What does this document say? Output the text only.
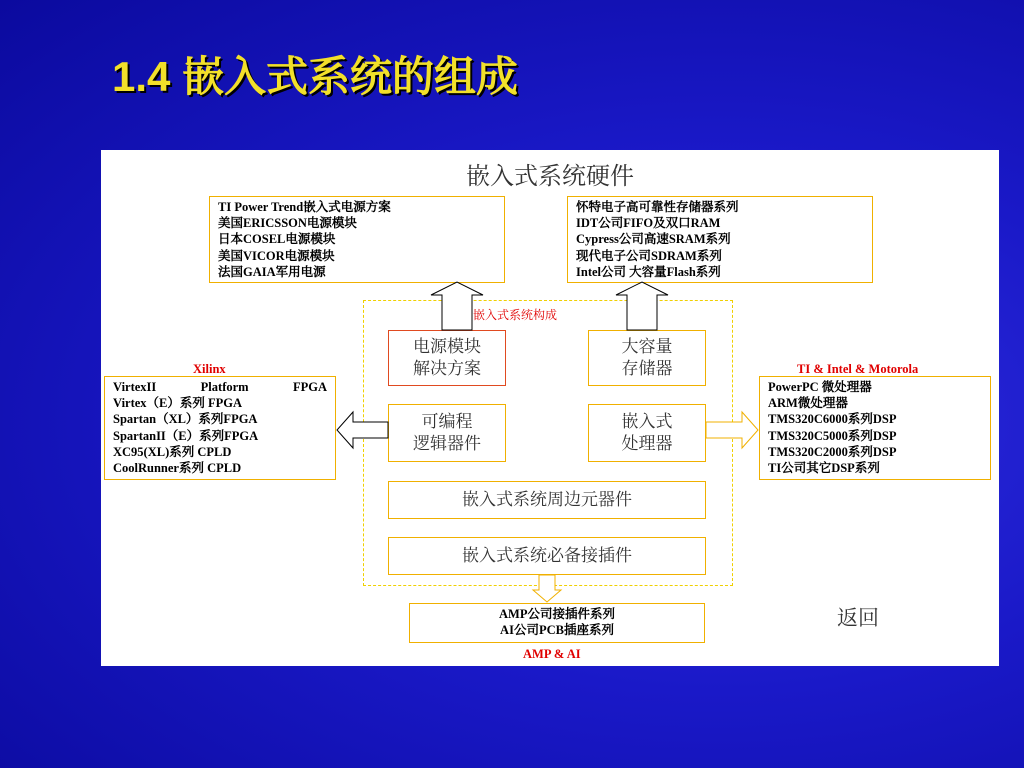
1.4 嵌入式系统的组成
嵌入式系统硬件
TI Power Trend嵌入式电源方案
美国ERICSSON电源模块
日本COSEL电源模块
美国VICOR电源模块
法国GAIA军用电源
怀特电子高可靠性存储器系列
IDT公司FIFO及双口RAM
Cypress公司高速SRAM系列
现代电子公司SDRAM系列
Intel公司 大容量Flash系列
嵌入式系统构成
电源模块
解决方案
大容量
存储器
可编程
逻辑器件
嵌入式
处理器
嵌入式系统周边元器件
嵌入式系统必备接插件
Xilinx
VirtexII	Platform	FPGA
Virtex（E）系列 FPGA
Spartan（XL）系列FPGA
SpartanII（E）系列FPGA
XC95(XL)系列 CPLD
CoolRunner系列 CPLD
TI & Intel & Motorola
PowerPC 微处理器
ARM微处理器
TMS320C6000系列DSP
TMS320C5000系列DSP
TMS320C2000系列DSP
TI公司其它DSP系列
AMP公司接插件系列
AI公司PCB插座系列
AMP & AI
返回
